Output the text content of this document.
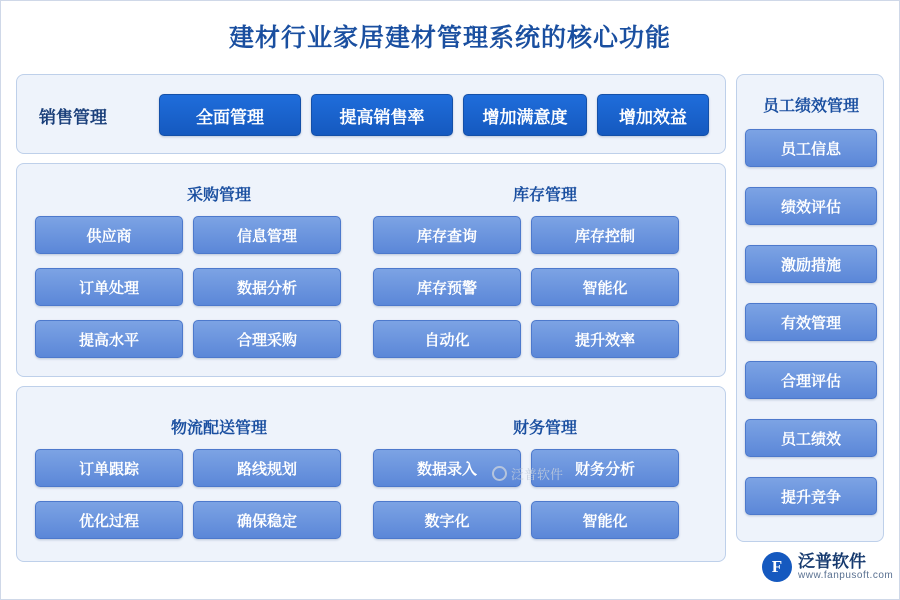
建材行业家居建材管理系统的核心功能
销售管理	全面管理	提高销售率	增加满意度	增加效益
采购管理	库存管理
供应商	信息管理
订单处理	数据分析
提高水平	合理采购
库存查询	库存控制
库存预警	智能化
自动化	提升效率
物流配送管理	财务管理
订单跟踪	路线规划
优化过程	确保稳定
数据录入	财务分析
数字化	智能化
员工绩效管理
员工信息
绩效评估
激励措施
有效管理
合理评估
员工绩效
提升竞争
泛普软件
F 泛普软件
www.fanpusoft.com
